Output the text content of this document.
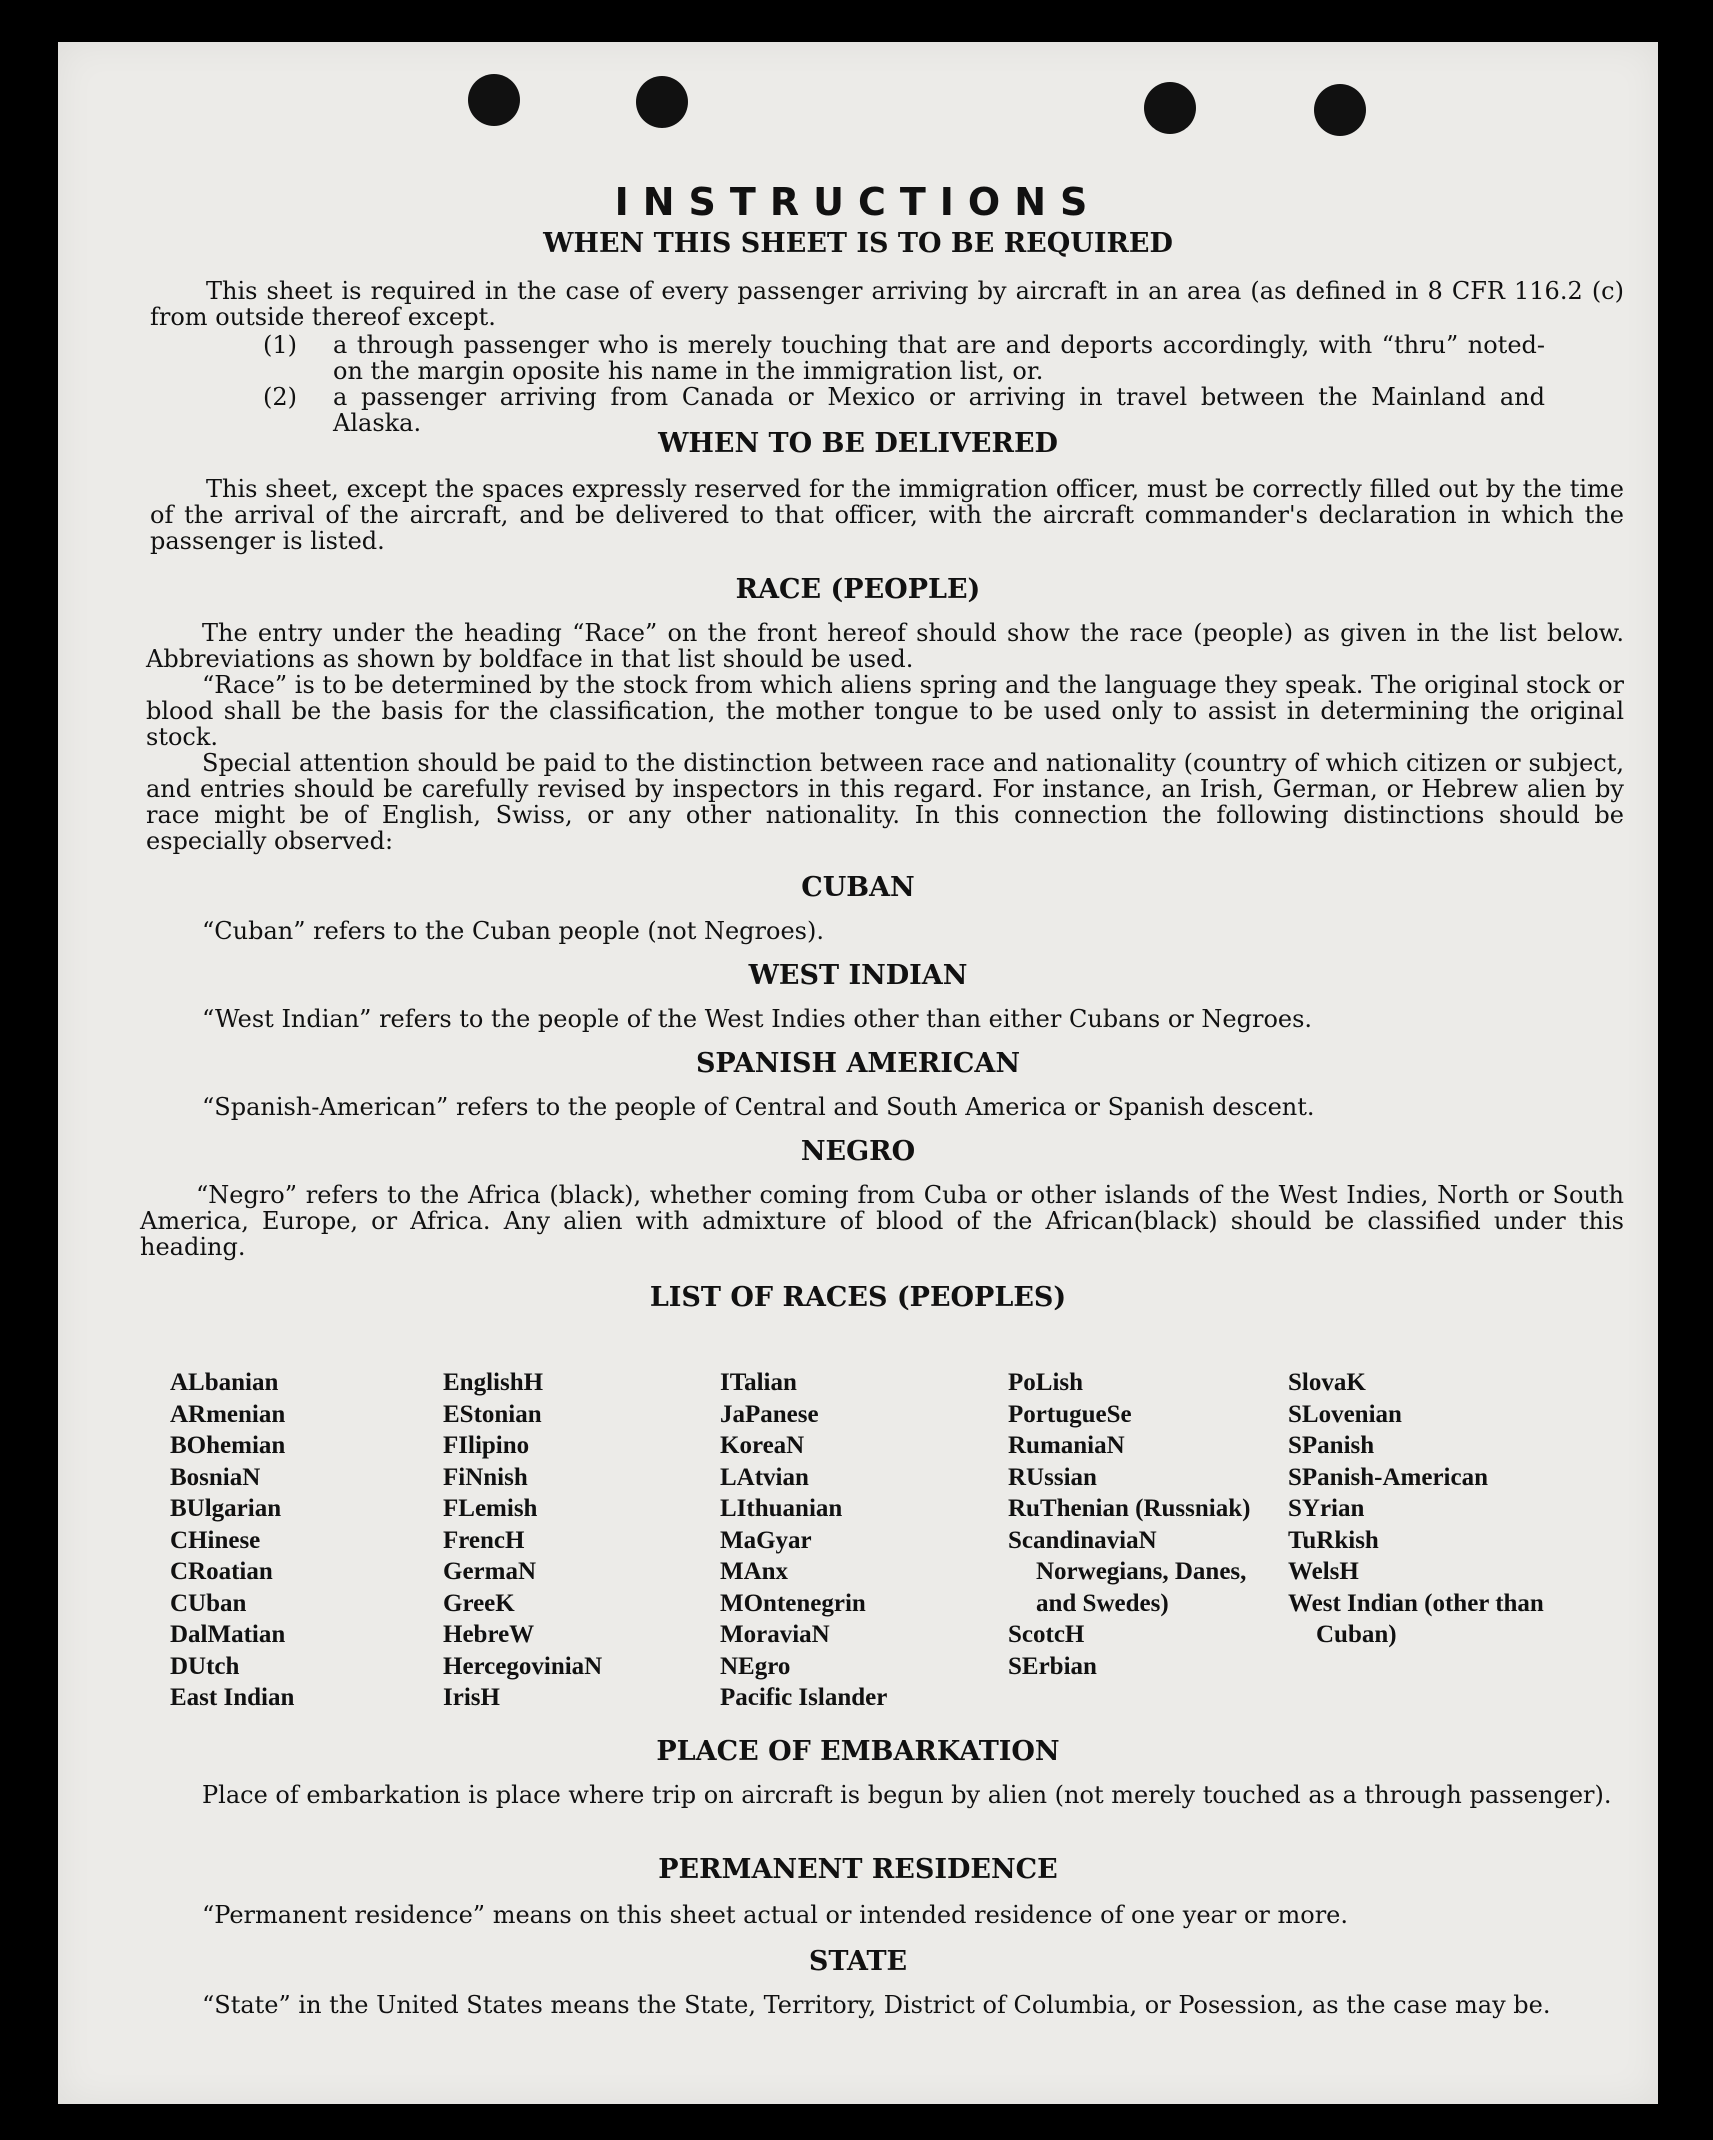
INSTRUCTIONS
WHEN THIS SHEET IS TO BE REQUIRED

This sheet is required in the case of every passenger arriving by aircraft in an area (as defined in 8 CFR 116.2 (c) from outside thereof except.

(1) a through passenger who is merely touching that are and deports accordingly, with “thru” noted-on the margin oposite his name in the immigration list, or.
(2) a passenger arriving from Canada or Mexico or arriving in travel between the Mainland and Alaska.
WHEN TO BE DELIVERED

This sheet, except the spaces expressly reserved for the immigration officer, must be correctly filled out by the time of the arrival of the aircraft, and be delivered to that officer, with the aircraft commander's declaration in which the passenger is listed.

RACE (PEOPLE)

The entry under the heading “Race” on the front hereof should show the race (people) as given in the list below. Abbreviations as shown by boldface in that list should be used.

“Race” is to be determined by the stock from which aliens spring and the language they speak. The original stock or blood shall be the basis for the classification, the mother tongue to be used only to assist in determining the original stock.

Special attention should be paid to the distinction between race and nationality (country of which citizen or subject, and entries should be carefully revised by inspectors in this regard. For instance, an Irish, German, or Hebrew alien by race might be of English, Swiss, or any other nationality. In this connection the following distinctions should be especially observed:

CUBAN

“Cuban” refers to the Cuban people (not Negroes).

WEST INDIAN

“West Indian” refers to the people of the West Indies other than either Cubans or Negroes.

SPANISH AMERICAN

“Spanish-American” refers to the people of Central and South America or Spanish descent.

NEGRO

“Negro” refers to the Africa (black), whether coming from Cuba or other islands of the West Indies, North or South America, Europe, or Africa. Any alien with admixture of blood of the African(black) should be classified under this heading.

LIST OF RACES (PEOPLES)
ALbanian
ARmenian
BOhemian
BosniaN
BUlgarian
CHinese
CRoatian
CUban
DalMatian
DUtch
East Indian
EnglishH
EStonian
FIlipino
FiNnish
FLemish
FrencH
GermaN
GreeK
HebreW
HercegoviniaN
IrisH
ITalian
JaPanese
KoreaN
LAtvian
LIthuanian
MaGyar
MAnx
MOntenegrin
MoraviaN
NEgro
Pacific Islander
PoLish
PortugueSe
RumaniaN
RUssian
RuThenian (Russniak)
ScandinaviaN Norwegians, Danes, and Swedes)
ScotcH
SErbian
SlovaK
SLovenian
SPanish
SPanish-American
SYrian
TuRkish
WelsH
West Indian (other than Cuban)
PLACE OF EMBARKATION

Place of embarkation is place where trip on aircraft is begun by alien (not merely touched as a through passenger).

PERMANENT RESIDENCE

“Permanent residence” means on this sheet actual or intended residence of one year or more.

STATE

“State” in the United States means the State, Territory, District of Columbia, or Posession, as the case may be.
